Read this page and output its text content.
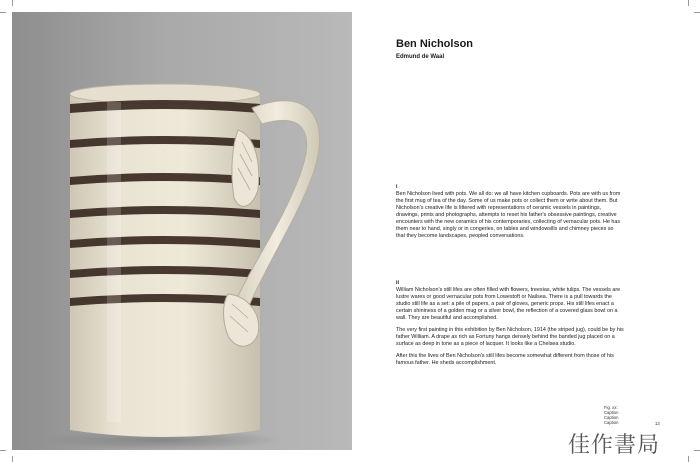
Ben Nicholson
Edmund de Waal

i

Ben Nicholson lived with pots. We all do: we all have kitchen cupboards. Pots are with us from the first mug of tea of the day. Some of us make pots or collect them or write about them. But Nicholson's creative life is littered with representations of ceramic vessels in paintings, drawings, prints and photographs, attempts to reset his father's obsessive paintings, creative encounters with the new ceramics of his contemporaries, collecting of vernacular pots. He has them near to hand, singly or in congeries, on tables and windowsills and chimney pieces so that they become landscapes, peopled conversations.

ii

William Nicholson's still lifes are often filled with flowers, treesias, white tulips. The vessels are lustre wares or good vernacular pots from Lowestoft or Nailsea. There is a pull towards the studio still life as a set: a pile of papers, a pair of gloves, generic props. His still lifes enact a certain shininess of a golden mug or a silver bowl, the reflection of a covered glass bowl on a wall. They are beautiful and accomplished.

The very first painting in this exhibition by Ben Nicholson, 1914 (the striped jug), could be by his father William. A drape as rich as Fortuny hangs densely behind the banded jug placed on a surface as deep in tone as a piece of lacquer. It looks like a Chelsea studio.

After this the lives of Ben Nicholson's still lifes become somewhat different from those of his famous father. He sheds accomplishment.

Fig. xx:
Caption
Caption
Caption	13
佳作書局
